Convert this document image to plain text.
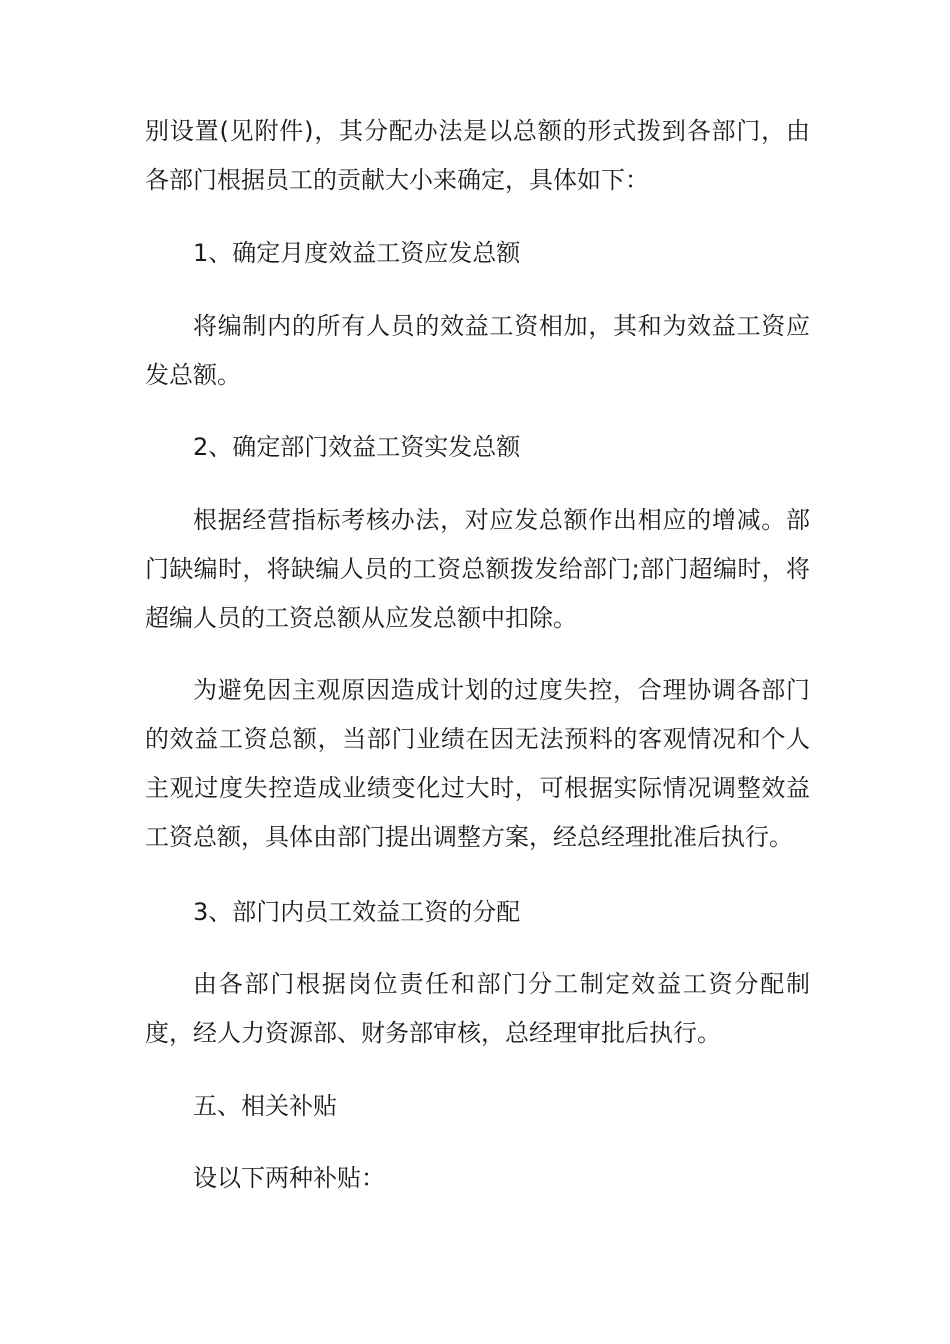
别设置(见附件)，其分配办法是以总额的形式拨到各部门，由各部门根据员工的贡献大小来确定，具体如下：

1、确定月度效益工资应发总额

将编制内的所有人员的效益工资相加，其和为效益工资应发总额。

2、确定部门效益工资实发总额

根据经营指标考核办法，对应发总额作出相应的增减。部门缺编时，将缺编人员的工资总额拨发给部门;部门超编时，将超编人员的工资总额从应发总额中扣除。

为避免因主观原因造成计划的过度失控，合理协调各部门的效益工资总额，当部门业绩在因无法预料的客观情况和个人主观过度失控造成业绩变化过大时，可根据实际情况调整效益工资总额，具体由部门提出调整方案，经总经理批准后执行。

3、部门内员工效益工资的分配

由各部门根据岗位责任和部门分工制定效益工资分配制度，经人力资源部、财务部审核，总经理审批后执行。

五、相关补贴

设以下两种补贴：
